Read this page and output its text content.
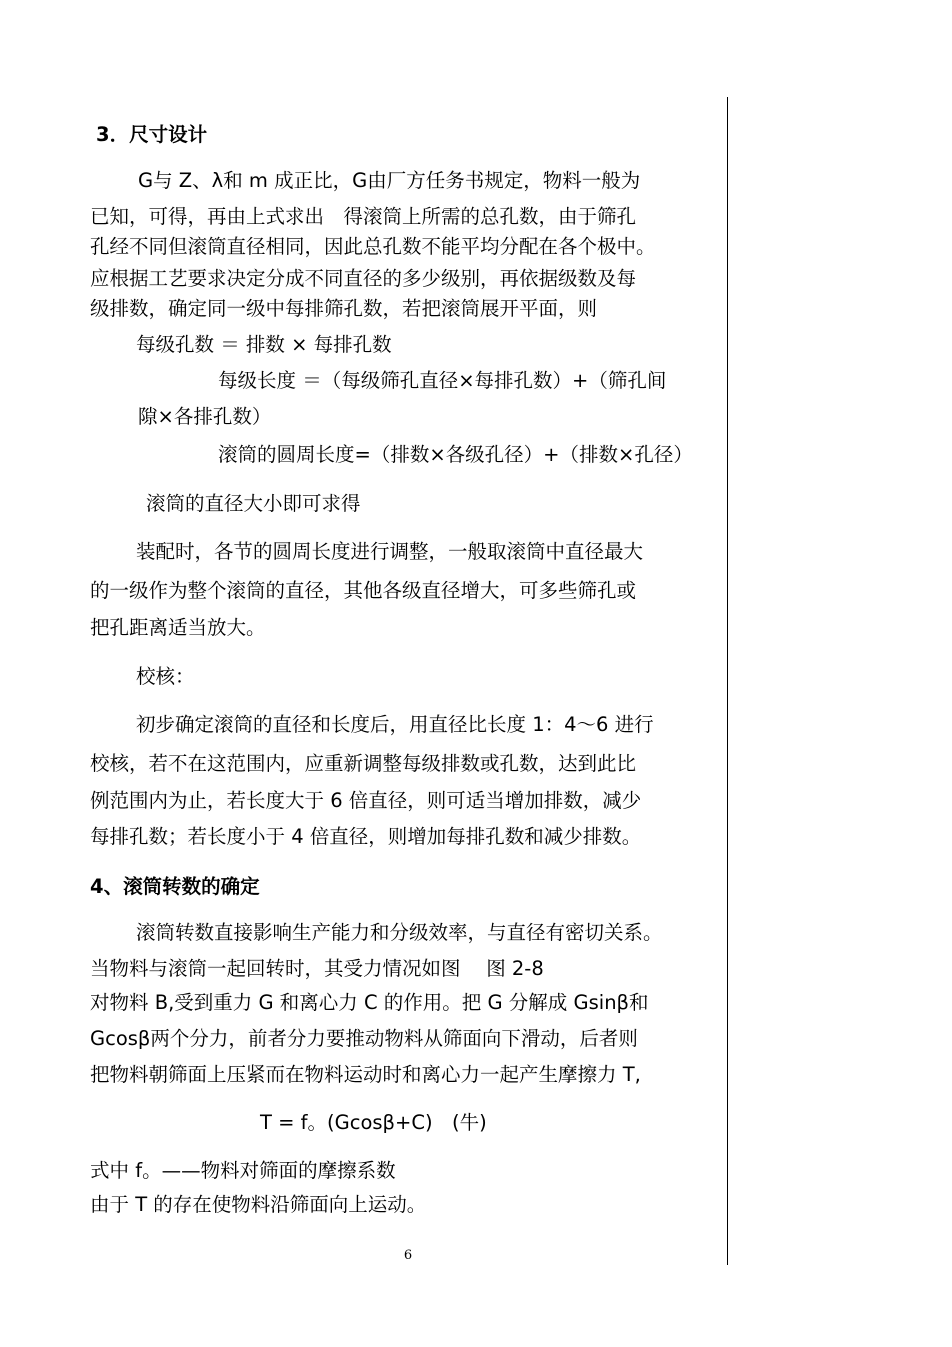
3．尺寸设计
G与 Z、λ和 m 成正比，G由厂方任务书规定，物料一般为
已知，可得，再由上式求出　得滚筒上所需的总孔数，由于筛孔
孔经不同但滚筒直径相同，因此总孔数不能平均分配在各个极中。
应根据工艺要求决定分成不同直径的多少级别，再依据级数及每
级排数，确定同一级中每排筛孔数，若把滚筒展开平面，则
每级孔数 ＝ 排数 × 每排孔数
每级长度 ＝（每级筛孔直径×每排孔数）+（筛孔间
隙×各排孔数）
滚筒的圆周长度=（排数×各级孔径）+（排数×孔径）
滚筒的直径大小即可求得
装配时，各节的圆周长度进行调整，一般取滚筒中直径最大
的一级作为整个滚筒的直径，其他各级直径增大，可多些筛孔或
把孔距离适当放大。
校核：
初步确定滚筒的直径和长度后，用直径比长度 1：4～6 进行
校核，若不在这范围内，应重新调整每级排数或孔数，达到此比
例范围内为止，若长度大于 6 倍直径，则可适当增加排数，减少
每排孔数；若长度小于 4 倍直径，则增加每排孔数和减少排数。
4、滚筒转数的确定
滚筒转数直接影响生产能力和分级效率，与直径有密切关系。
当物料与滚筒一起回转时，其受力情况如图　 图 2-8
对物料 B,受到重力 G 和离心力 C 的作用。把 G 分解成 Gsinβ和
Gcosβ两个分力，前者分力要推动物料从筛面向下滑动，后者则
把物料朝筛面上压紧而在物料运动时和离心力一起产生摩擦力 T,
T = f。(Gcosβ+C)　(牛)
式中 f。——物料对筛面的摩擦系数
由于 T 的存在使物料沿筛面向上运动。
6
